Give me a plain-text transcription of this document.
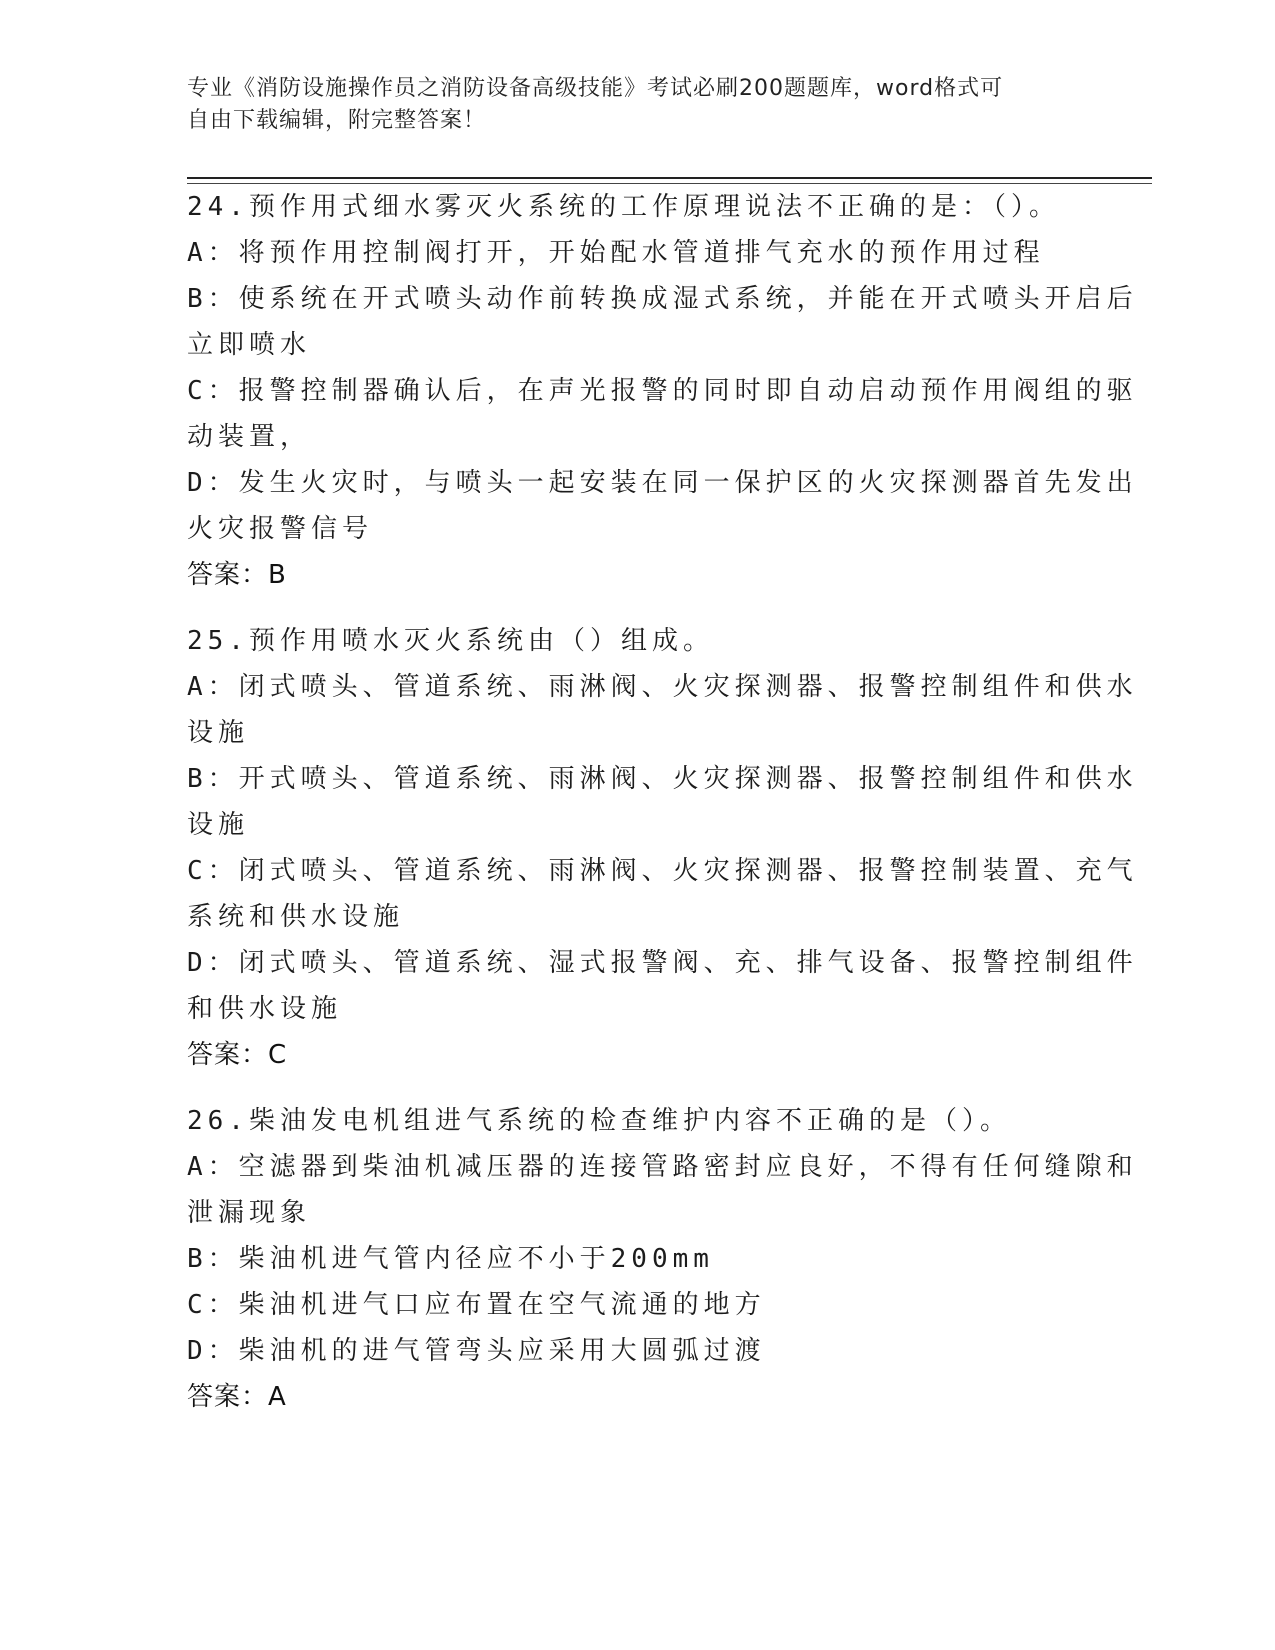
专业《消防设施操作员之消防设备高级技能》考试必刷200题题库，word格式可
自由下载编辑，附完整答案！
24.预作用式细水雾灭火系统的工作原理说法不正确的是：（）。
A：将预作用控制阀打开，开始配水管道排气充水的预作用过程
B：使系统在开式喷头动作前转换成湿式系统，并能在开式喷头开启后
立即喷水
C：报警控制器确认后，在声光报警的同时即自动启动预作用阀组的驱
动装置，
D：发生火灾时，与喷头一起安装在同一保护区的火灾探测器首先发出
火灾报警信号
答案：B
25.预作用喷水灭火系统由（）组成。
A：闭式喷头、管道系统、雨淋阀、火灾探测器、报警控制组件和供水
设施
B：开式喷头、管道系统、雨淋阀、火灾探测器、报警控制组件和供水
设施
C：闭式喷头、管道系统、雨淋阀、火灾探测器、报警控制装置、充气
系统和供水设施
D：闭式喷头、管道系统、湿式报警阀、充、排气设备、报警控制组件
和供水设施
答案：C
26.柴油发电机组进气系统的检查维护内容不正确的是（）。
A：空滤器到柴油机减压器的连接管路密封应良好，不得有任何缝隙和
泄漏现象
B：柴油机进气管内径应不小于200mm
C：柴油机进气口应布置在空气流通的地方
D：柴油机的进气管弯头应采用大圆弧过渡
答案：A
